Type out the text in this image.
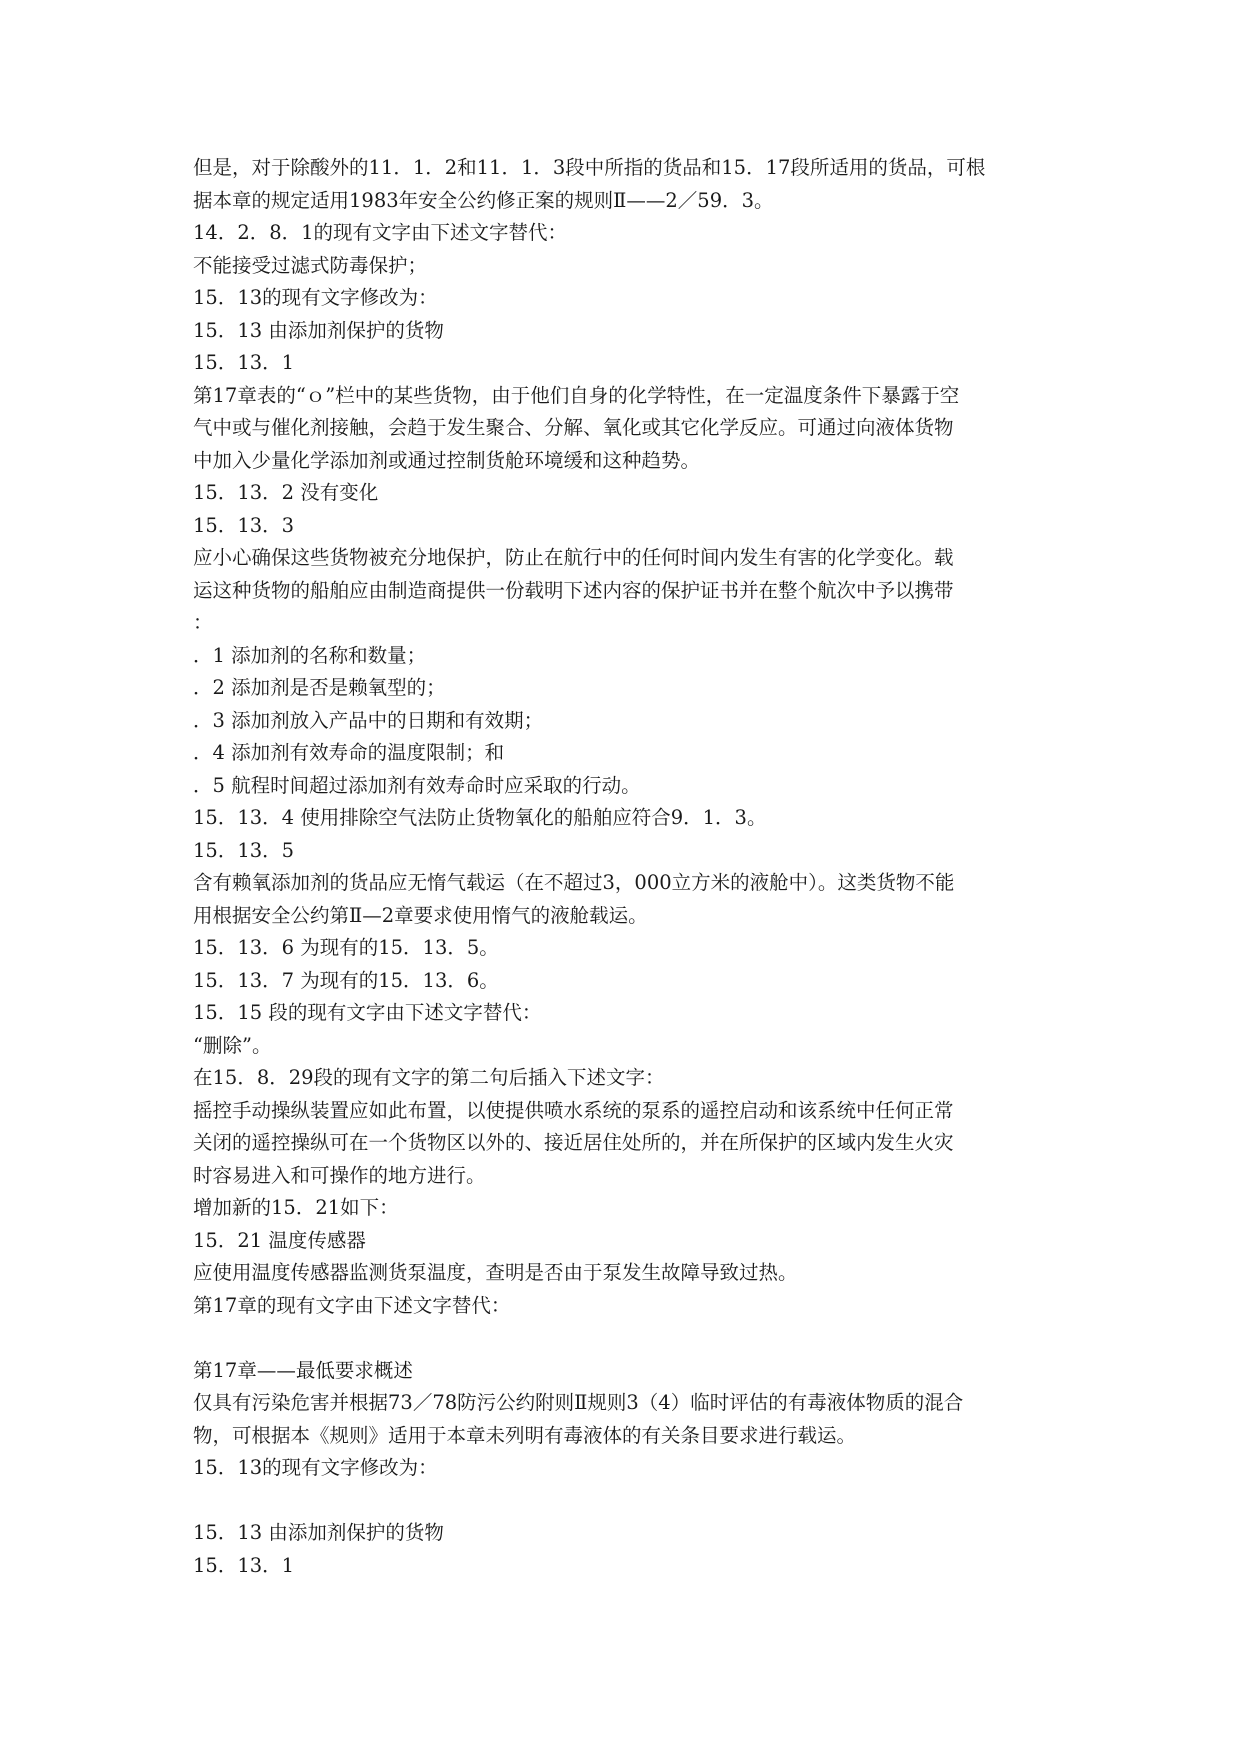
但是，对于除酸外的11．1．2和11．1．3段中所指的货品和15．17段所适用的货品，可根
据本章的规定适用1983年安全公约修正案的规则Ⅱ——2／59．3。
14．2．8．1的现有文字由下述文字替代：
不能接受过滤式防毒保护；
15．13的现有文字修改为：
15．13 由添加剂保护的货物
15．13．1
第17章表的“ｏ”栏中的某些货物，由于他们自身的化学特性，在一定温度条件下暴露于空
气中或与催化剂接触，会趋于发生聚合、分解、氧化或其它化学反应。可通过向液体货物
中加入少量化学添加剂或通过控制货舱环境缓和这种趋势。
15．13．2 没有变化
15．13．3
应小心确保这些货物被充分地保护，防止在航行中的任何时间内发生有害的化学变化。载
运这种货物的船舶应由制造商提供一份载明下述内容的保护证书并在整个航次中予以携带
：
．1 添加剂的名称和数量；
．2 添加剂是否是赖氧型的；
．3 添加剂放入产品中的日期和有效期；
．4 添加剂有效寿命的温度限制；和
．5 航程时间超过添加剂有效寿命时应采取的行动。
15．13．4 使用排除空气法防止货物氧化的船舶应符合9．1．3。
15．13．5
含有赖氧添加剂的货品应无惰气载运（在不超过3，000立方米的液舱中）。这类货物不能
用根据安全公约第Ⅱ—2章要求使用惰气的液舱载运。
15．13．6 为现有的15．13．5。
15．13．7 为现有的15．13．6。
15．15 段的现有文字由下述文字替代：
“删除”。
在15．8．29段的现有文字的第二句后插入下述文字：
摇控手动操纵装置应如此布置，以使提供喷水系统的泵系的遥控启动和该系统中任何正常
关闭的遥控操纵可在一个货物区以外的、接近居住处所的，并在所保护的区域内发生火灾
时容易进入和可操作的地方进行。
增加新的15．21如下：
15．21 温度传感器
应使用温度传感器监测货泵温度，查明是否由于泵发生故障导致过热。
第17章的现有文字由下述文字替代：
第17章——最低要求概述
仅具有污染危害并根据73／78防污公约附则Ⅱ规则3（4）临时评估的有毒液体物质的混合
物，可根据本《规则》适用于本章未列明有毒液体的有关条目要求进行载运。
15．13的现有文字修改为：
15．13 由添加剂保护的货物
15．13．1
